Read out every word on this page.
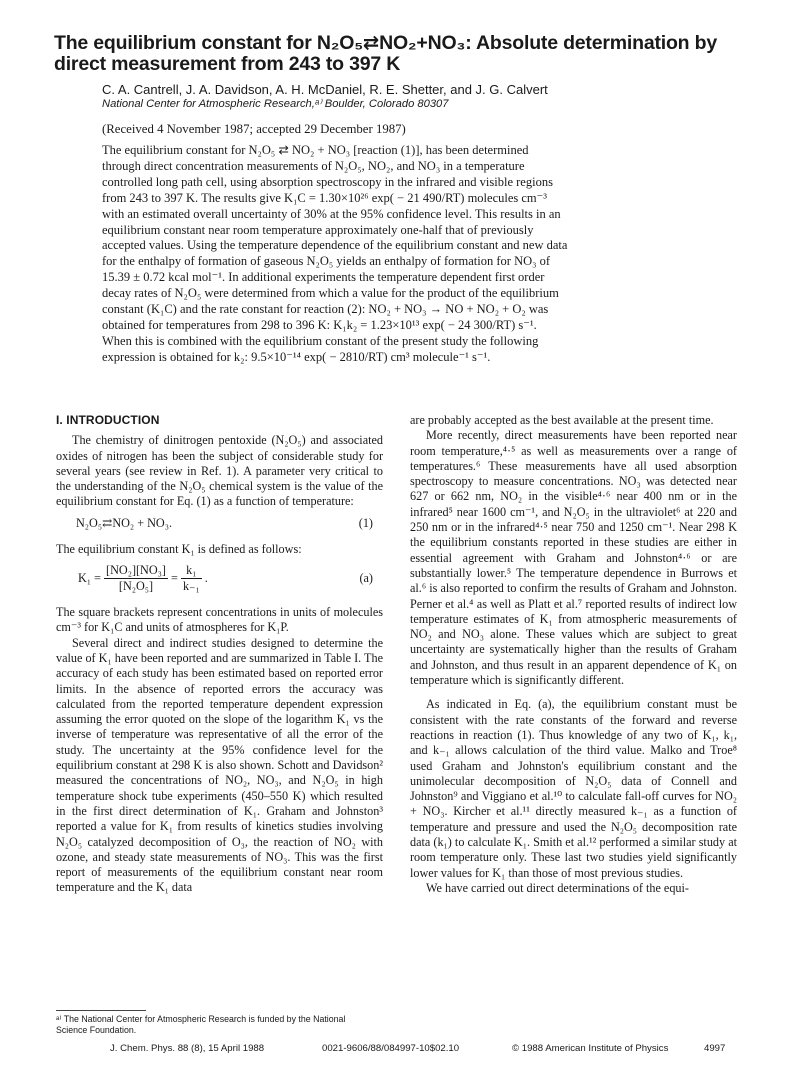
The equilibrium constant for N₂O₅⇄NO₂+NO₃: Absolute determination by direct measurement from 243 to 397 K
C. A. Cantrell, J. A. Davidson, A. H. McDaniel, R. E. Shetter, and J. G. Calvert
National Center for Atmospheric Research,ᵃ⁾ Boulder, Colorado 80307
(Received 4 November 1987; accepted 29 December 1987)
The equilibrium constant for N₂O₅ ⇄ NO₂ + NO₃ [reaction (1)], has been determined
through direct concentration measurements of N₂O₅, NO₂, and NO₃ in a temperature
controlled long path cell, using absorption spectroscopy in the infrared and visible regions
from 243 to 397 K. The results give K₁C = 1.30×10²⁶ exp( − 21 490/RT) molecules cm⁻³
with an estimated overall uncertainty of 30% at the 95% confidence level. This results in an
equilibrium constant near room temperature approximately one-half that of previously
accepted values. Using the temperature dependence of the equilibrium constant and new data
for the enthalpy of formation of gaseous N₂O₅ yields an enthalpy of formation for NO₃ of
15.39 ± 0.72 kcal mol⁻¹. In additional experiments the temperature dependent first order
decay rates of N₂O₅ were determined from which a value for the product of the equilibrium
constant (K₁C) and the rate constant for reaction (2): NO₂ + NO₃ → NO + NO₂ + O₂ was
obtained for temperatures from 298 to 396 K: K₁k₂ = 1.23×10¹³ exp( − 24 300/RT) s⁻¹.
When this is combined with the equilibrium constant of the present study the following
expression is obtained for k₂: 9.5×10⁻¹⁴ exp( − 2810/RT) cm³ molecule⁻¹ s⁻¹.
I. INTRODUCTION

The chemistry of dinitrogen pentoxide (N₂O₅) and associated oxides of nitrogen has been the subject of considerable study for several years (see review in Ref. 1). A parameter very critical to the understanding of the N₂O₅ chemical system is the value of the equilibrium constant for Eq. (1) as a function of temperature:

N₂O₅⇄NO₂ + NO₃.	(1)

The equilibrium constant K₁ is defined as follows:

$K_1 = \frac{\text{[NO₂][NO₃]}}{\text{[N₂O₅]}} = \frac{\text{k₁}}{\text{k₋₁}}$ .	(a)

The square brackets represent concentrations in units of molecules cm⁻³ for K₁C and units of atmospheres for K₁P.

Several direct and indirect studies designed to determine the value of K₁ have been reported and are summarized in Table I. The accuracy of each study has been estimated based on reported error limits. In the absence of reported errors the accuracy was calculated from the reported temperature dependent expression assuming the error quoted on the slope of the logarithm K₁ vs the inverse of temperature was representative of all the error of the study. The uncertainty at the 95% confidence level for the equilibrium constant at 298 K is also shown. Schott and Davidson² measured the concentrations of NO₂, NO₃, and N₂O₅ in high temperature shock tube experiments (450–550 K) which resulted in the first direct determination of K₁. Graham and Johnston³ reported a value for K₁ from results of kinetics studies involving N₂O₅ catalyzed decomposition of O₃, the reaction of NO₂ with ozone, and steady state measurements of NO₃. This was the first report of measurements of the equilibrium constant near room temperature and the K₁ data

are probably accepted as the best available at the present time.

More recently, direct measurements have been reported near room temperature,⁴·⁵ as well as measurements over a range of temperatures.⁶ These measurements have all used absorption spectroscopy to measure concentrations. NO₃ was detected near 627 or 662 nm, NO₂ in the visible⁴·⁶ near 400 nm or in the infrared⁵ near 1600 cm⁻¹, and N₂O₅ in the ultraviolet⁶ at 220 and 250 nm or in the infrared⁴·⁵ near 750 and 1250 cm⁻¹. Near 298 K the equilibrium constants reported in these studies are either in essential agreement with Graham and Johnston⁴·⁶ or are substantially lower.⁵ The temperature dependence in Burrows et al.⁶ is also reported to confirm the results of Graham and Johnston. Perner et al.⁴ as well as Platt et al.⁷ reported results of indirect low temperature estimates of K₁ from atmospheric measurements of NO₂ and NO₃ alone. These values which are subject to great uncertainty are systematically higher than the results of Graham and Johnston, and thus result in an apparent dependence of K₁ on temperature which is significantly different.

As indicated in Eq. (a), the equilibrium constant must be consistent with the rate constants of the forward and reverse reactions in reaction (1). Thus knowledge of any two of K₁, k₁, and k₋₁ allows calculation of the third value. Malko and Troe⁸ used Graham and Johnston's equilibrium constant and the unimolecular decomposition of N₂O₅ data of Connell and Johnston⁹ and Viggiano et al.¹⁰ to calculate fall-off curves for NO₂ + NO₃. Kircher et al.¹¹ directly measured k₋₁ as a function of temperature and pressure and used the N₂O₅ decomposition rate data (k₁) to calculate K₁. Smith et al.¹² performed a similar study at room temperature only. These last two studies yield significantly lower values for K₁ than those of most previous studies.

We have carried out direct determinations of the equi-

ᵃ⁾ The National Center for Atmospheric Research is funded by the National Science Foundation.
J. Chem. Phys. 88 (8), 15 April 1988	0021-9606/88/084997-10$02.10	© 1988 American Institute of Physics	4997
